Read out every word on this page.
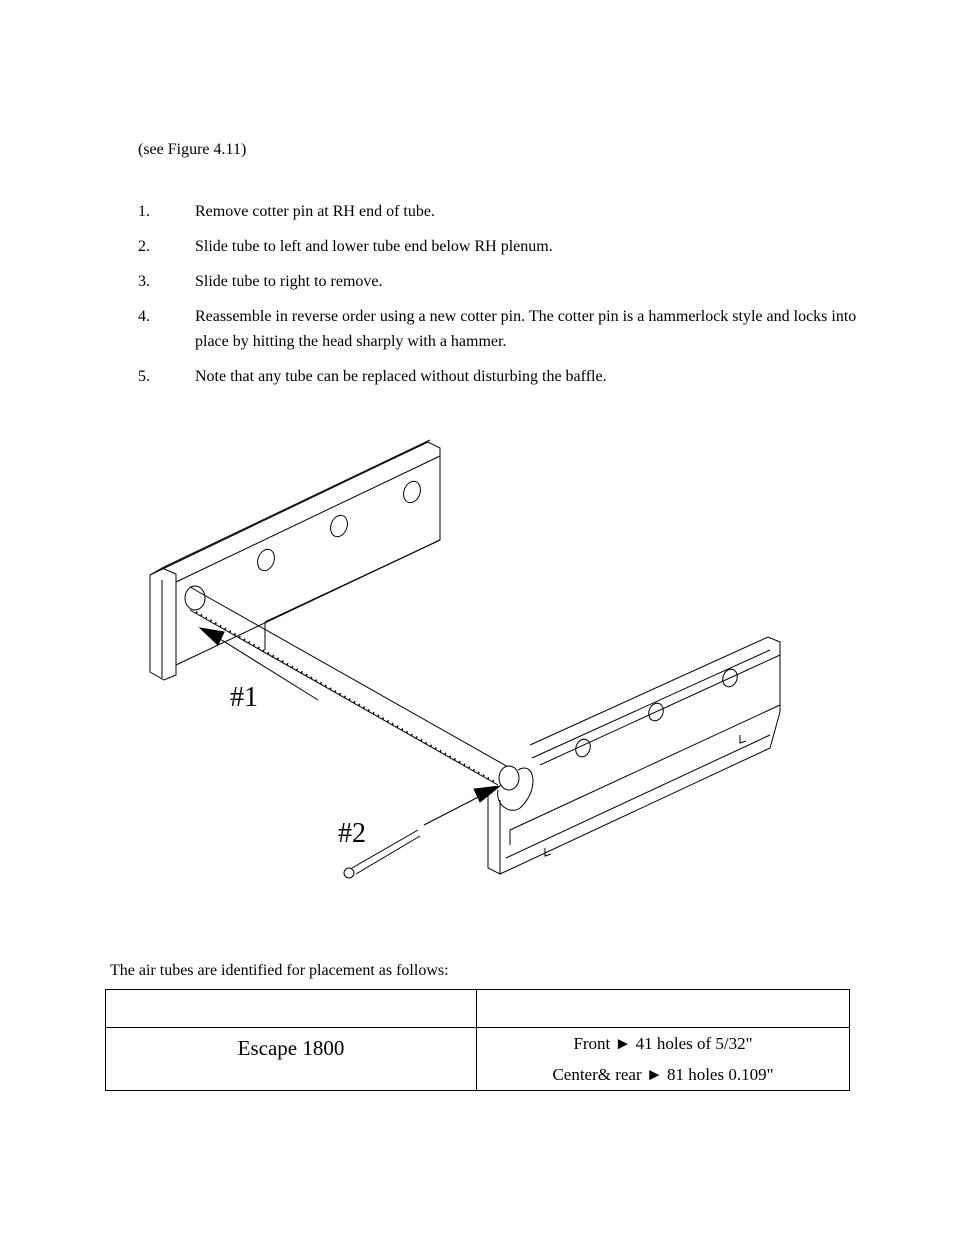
(see Figure 4.11)
1.	Remove cotter pin at RH end of tube.
2.	Slide tube to left and lower tube end below RH plenum.
3.	Slide tube to right to remove.
4.	Reassemble in reverse order using a new cotter pin. The cotter pin is a hammerlock style and locks into place by hitting the head sharply with a hammer.
5.	Note that any tube can be replaced without disturbing the baffle.
#1
#2
The air tubes are identified for placement as follows:

Escape 1800	Front ► 41 holes of 5/32"
Center& rear ► 81 holes 0.109"
